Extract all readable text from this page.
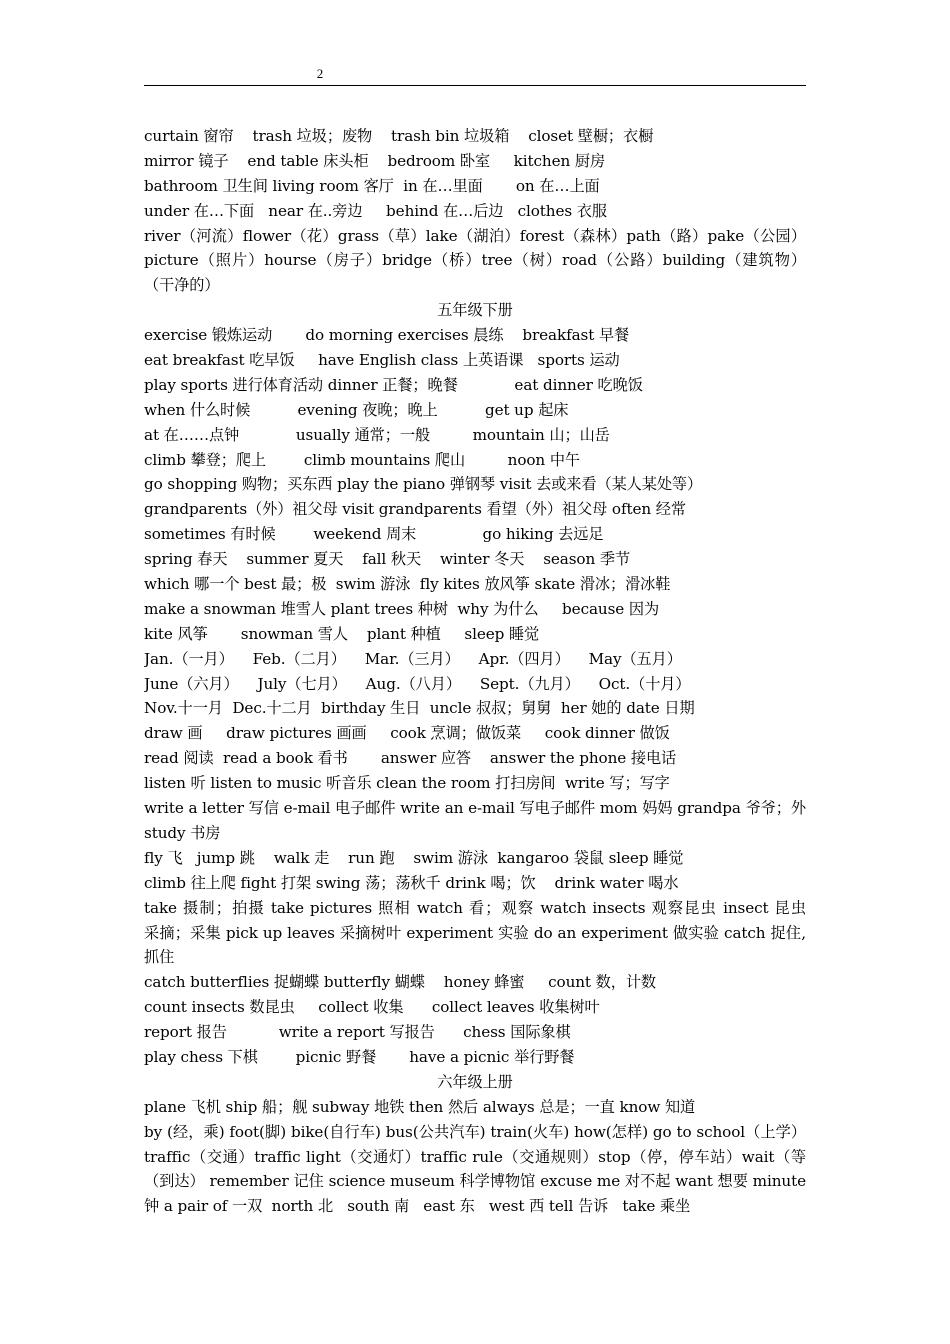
2
curtain 窗帘    trash 垃圾；废物    trash bin 垃圾箱    closet 壁橱；衣橱
mirror 镜子    end table 床头柜    bedroom 卧室     kitchen 厨房
bathroom 卫生间 living room 客厅  in 在…里面       on 在…上面
under 在…下面   near 在..旁边     behind 在…后边   clothes 衣服
river（河流）flower（花）grass（草）lake（湖泊）forest（森林）path（路）pake（公园）
picture（照片）hourse（房子）bridge（桥）tree（树）road（公路）building（建筑物）
（干净的）
五年级下册
exercise 锻炼运动       do morning exercises 晨练    breakfast 早餐
eat breakfast 吃早饭     have English class 上英语课   sports 运动
play sports 进行体育活动 dinner 正餐；晚餐            eat dinner 吃晚饭
when 什么时候          evening 夜晚；晚上          get up 起床
at 在……点钟            usually 通常；一般         mountain 山；山岳
climb 攀登；爬上        climb mountains 爬山         noon 中午
go shopping 购物；买东西 play the piano 弹钢琴 visit 去或来看（某人某处等）
grandparents（外）祖父母 visit grandparents 看望（外）祖父母 often 经常
sometimes 有时候        weekend 周末              go hiking 去远足
spring 春天    summer 夏天    fall 秋天    winter 冬天    season 季节
which 哪一个 best 最；极  swim 游泳  fly kites 放风筝 skate 滑冰；滑冰鞋
make a snowman 堆雪人 plant trees 种树  why 为什么     because 因为
kite 风筝       snowman 雪人    plant 种植     sleep 睡觉
Jan.（一月）    Feb.（二月）    Mar.（三月）    Apr.（四月）    May（五月）
June（六月）    July（七月）    Aug.（八月）    Sept.（九月）    Oct.（十月）
Nov.十一月  Dec.十二月  birthday 生日  uncle 叔叔；舅舅  her 她的 date 日期
draw 画     draw pictures 画画     cook 烹调；做饭菜     cook dinner 做饭
read 阅读  read a book 看书       answer 应答    answer the phone 接电话
listen 听 listen to music 听音乐 clean the room 打扫房间  write 写；写字
write a letter 写信 e-mail 电子邮件 write an e-mail 写电子邮件 mom 妈妈 grandpa 爷爷；外
study 书房
fly 飞   jump 跳    walk 走    run 跑    swim 游泳  kangaroo 袋鼠 sleep 睡觉
climb 往上爬 fight 打架 swing 荡；荡秋千 drink 喝；饮    drink water 喝水
take 摄制；拍摄 take pictures 照相 watch 看；观察 watch insects 观察昆虫 insect 昆虫
采摘；采集 pick up leaves 采摘树叶 experiment 实验 do an experiment 做实验 catch 捉住,
抓住
catch butterflies 捉蝴蝶 butterfly 蝴蝶    honey 蜂蜜     count 数，计数
count insects 数昆虫     collect 收集      collect leaves 收集树叶
report 报告           write a report 写报告      chess 国际象棋
play chess 下棋        picnic 野餐       have a picnic 举行野餐
六年级上册
plane 飞机 ship 船；舰 subway 地铁 then 然后 always 总是；一直 know 知道
by (经，乘) foot(脚) bike(自行车) bus(公共汽车) train(火车) how(怎样) go to school（上学）
traffic（交通）traffic light（交通灯）traffic rule（交通规则）stop（停，停车站）wait（等
（到达） remember 记住 science museum 科学博物馆 excuse me 对不起 want 想要 minute
钟 a pair of 一双  north 北   south 南   east 东   west 西 tell 告诉   take 乘坐
